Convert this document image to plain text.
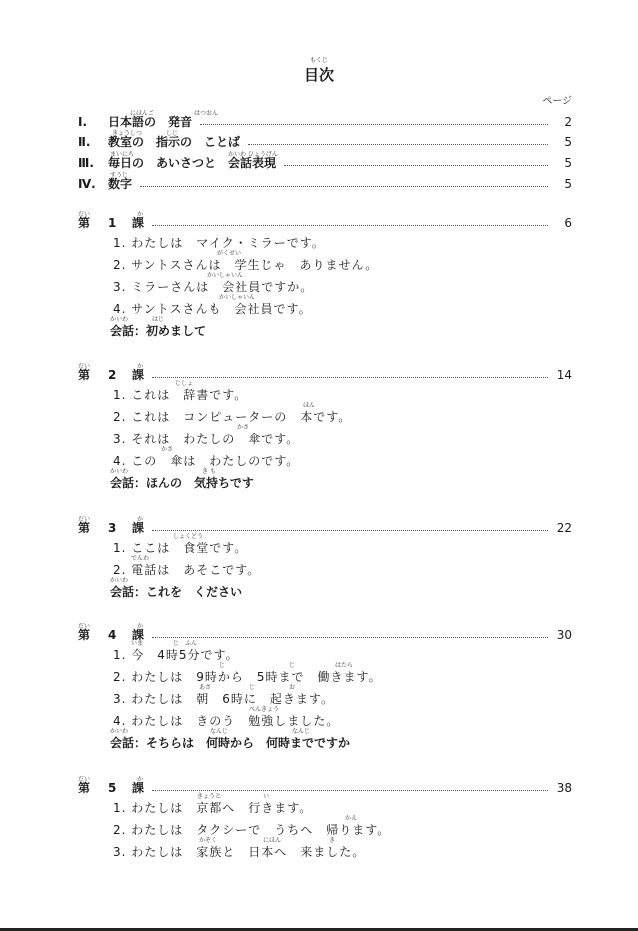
もくじ
目次
ページ
Ⅰ.	日本語の　発音	2
にほんご	はつおん
Ⅱ.	教室の　指示の　ことば	5
きょうしつ	しじ
Ⅲ.	毎日の　あいさつと　会話表現	5
まいにち	かいわ ひょうげん
Ⅳ.	数字	5
すうじ
第	1	課	6
だい	か
1. わたしは　マイク・ミラーです。
2. サントスさんは　学生じゃ　ありません。
がくせい
3. ミラーさんは　会社員ですか。
かいしゃいん
4. サントスさんも　会社員です。
かいしゃいん
会話：初めまして
かいわ	はじ
第	2	課	14
だい	か
1. これは　辞書です。
じしょ
2. これは　コンピューターの　本です。
ほん
3. それは　わたしの　傘です。
かさ
4. この　傘は　わたしのです。
かさ
会話：ほんの　気持ちです
かいわ	き も
第	3	課	22
だい	か
1. ここは　食堂です。
しょくどう
2. 電話は　あそこです。
でんわ
会話：これを　ください
かいわ
第	4	課	30
だい	か
1. 今　4時5分です。
いま	じ　ふん
2. わたしは　9時から　5時まで　働きます。
じ	じ	はたら
3. わたしは　朝　6時に　起きます。
あさ	じ	お
4. わたしは　きのう　勉強しました。
べんきょう
会話：そちらは　何時から　何時までですか
かいわ	なんじ	なんじ
第	5	課	38
だい	か
1. わたしは　京都へ　行きます。
きょうと	い
2. わたしは　タクシーで　うちへ　帰ります。
かえ
3. わたしは　家族と　日本へ　来ました。
かぞく	にほん	き
